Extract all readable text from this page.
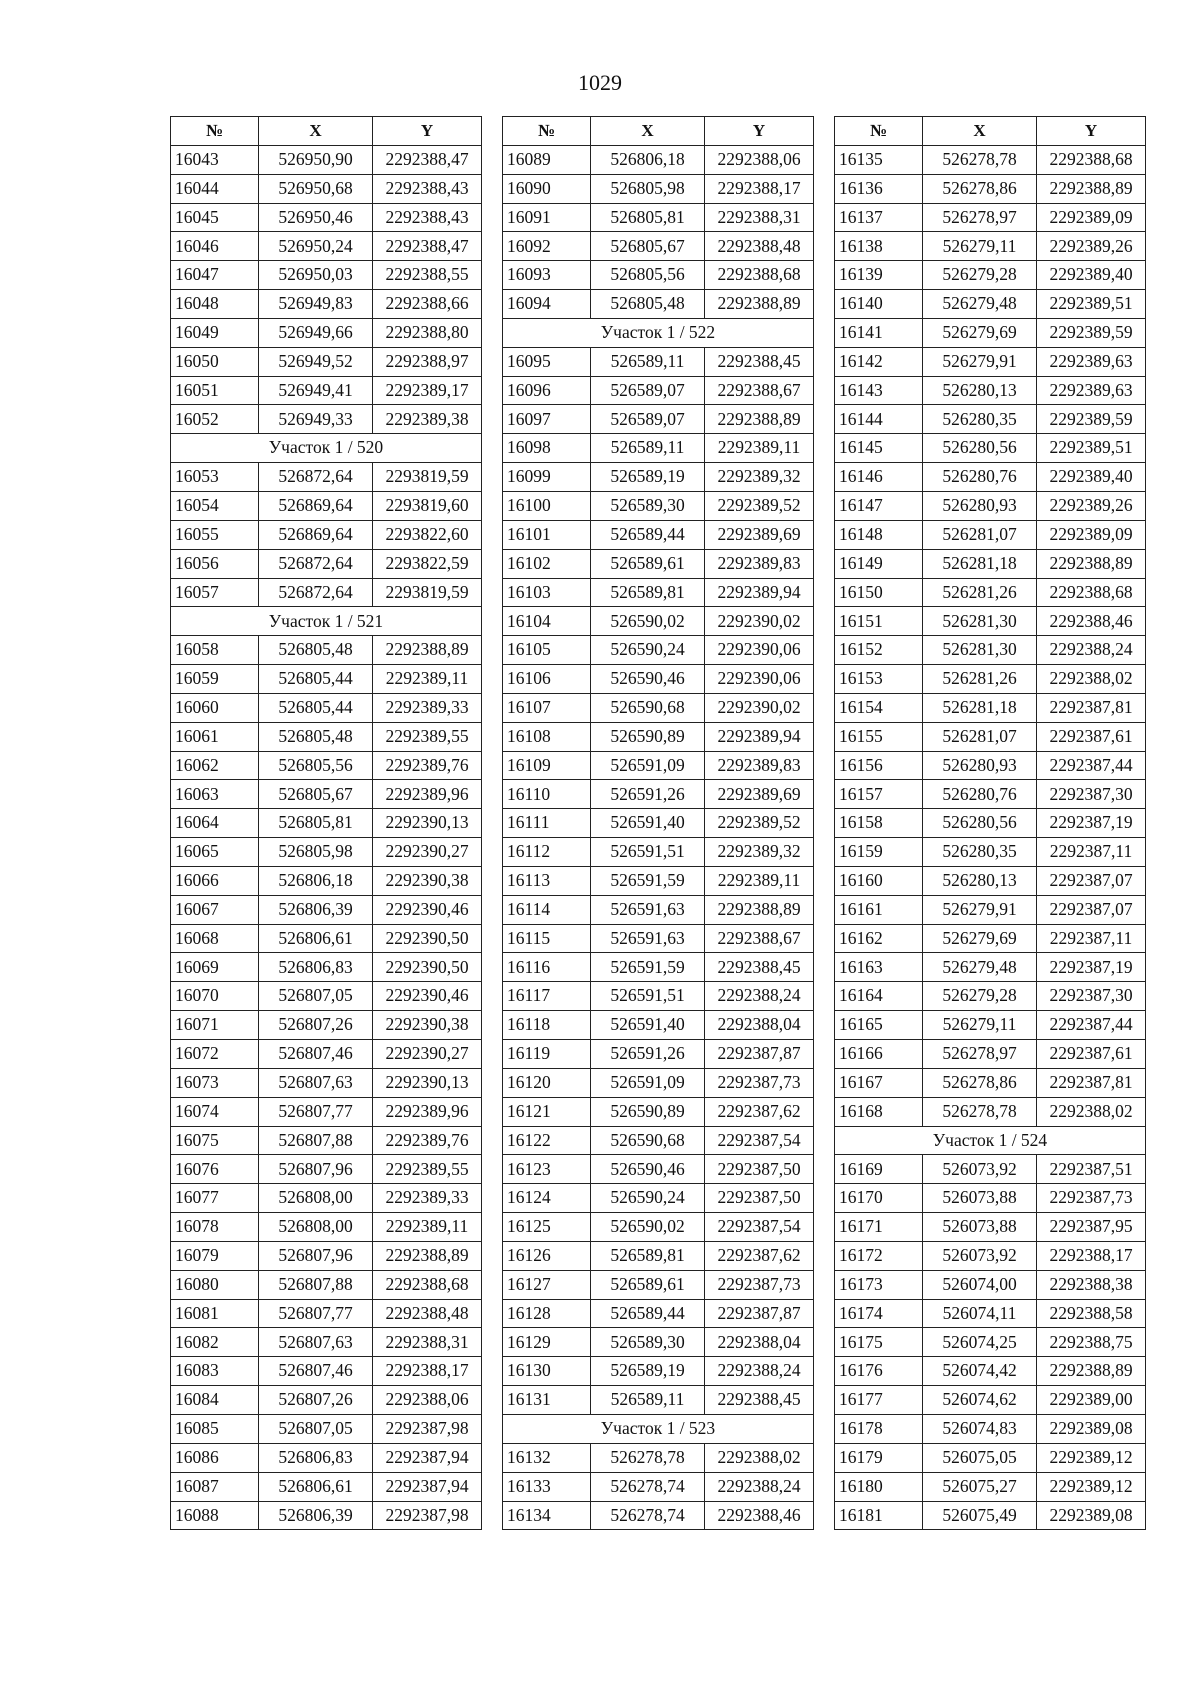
1029
№	X	Y
16043	526950,90	2292388,47
16044	526950,68	2292388,43
16045	526950,46	2292388,43
16046	526950,24	2292388,47
16047	526950,03	2292388,55
16048	526949,83	2292388,66
16049	526949,66	2292388,80
16050	526949,52	2292388,97
16051	526949,41	2292389,17
16052	526949,33	2292389,38
Участок 1 / 520		
16053	526872,64	2293819,59
16054	526869,64	2293819,60
16055	526869,64	2293822,60
16056	526872,64	2293822,59
16057	526872,64	2293819,59
Участок 1 / 521		
16058	526805,48	2292388,89
16059	526805,44	2292389,11
16060	526805,44	2292389,33
16061	526805,48	2292389,55
16062	526805,56	2292389,76
16063	526805,67	2292389,96
16064	526805,81	2292390,13
16065	526805,98	2292390,27
16066	526806,18	2292390,38
16067	526806,39	2292390,46
16068	526806,61	2292390,50
16069	526806,83	2292390,50
16070	526807,05	2292390,46
16071	526807,26	2292390,38
16072	526807,46	2292390,27
16073	526807,63	2292390,13
16074	526807,77	2292389,96
16075	526807,88	2292389,76
16076	526807,96	2292389,55
16077	526808,00	2292389,33
16078	526808,00	2292389,11
16079	526807,96	2292388,89
16080	526807,88	2292388,68
16081	526807,77	2292388,48
16082	526807,63	2292388,31
16083	526807,46	2292388,17
16084	526807,26	2292388,06
16085	526807,05	2292387,98
16086	526806,83	2292387,94
16087	526806,61	2292387,94
16088	526806,39	2292387,98
№	X	Y
16089	526806,18	2292388,06
16090	526805,98	2292388,17
16091	526805,81	2292388,31
16092	526805,67	2292388,48
16093	526805,56	2292388,68
16094	526805,48	2292388,89
Участок 1 / 522		
16095	526589,11	2292388,45
16096	526589,07	2292388,67
16097	526589,07	2292388,89
16098	526589,11	2292389,11
16099	526589,19	2292389,32
16100	526589,30	2292389,52
16101	526589,44	2292389,69
16102	526589,61	2292389,83
16103	526589,81	2292389,94
16104	526590,02	2292390,02
16105	526590,24	2292390,06
16106	526590,46	2292390,06
16107	526590,68	2292390,02
16108	526590,89	2292389,94
16109	526591,09	2292389,83
16110	526591,26	2292389,69
16111	526591,40	2292389,52
16112	526591,51	2292389,32
16113	526591,59	2292389,11
16114	526591,63	2292388,89
16115	526591,63	2292388,67
16116	526591,59	2292388,45
16117	526591,51	2292388,24
16118	526591,40	2292388,04
16119	526591,26	2292387,87
16120	526591,09	2292387,73
16121	526590,89	2292387,62
16122	526590,68	2292387,54
16123	526590,46	2292387,50
16124	526590,24	2292387,50
16125	526590,02	2292387,54
16126	526589,81	2292387,62
16127	526589,61	2292387,73
16128	526589,44	2292387,87
16129	526589,30	2292388,04
16130	526589,19	2292388,24
16131	526589,11	2292388,45
Участок 1 / 523		
16132	526278,78	2292388,02
16133	526278,74	2292388,24
16134	526278,74	2292388,46
№	X	Y
16135	526278,78	2292388,68
16136	526278,86	2292388,89
16137	526278,97	2292389,09
16138	526279,11	2292389,26
16139	526279,28	2292389,40
16140	526279,48	2292389,51
16141	526279,69	2292389,59
16142	526279,91	2292389,63
16143	526280,13	2292389,63
16144	526280,35	2292389,59
16145	526280,56	2292389,51
16146	526280,76	2292389,40
16147	526280,93	2292389,26
16148	526281,07	2292389,09
16149	526281,18	2292388,89
16150	526281,26	2292388,68
16151	526281,30	2292388,46
16152	526281,30	2292388,24
16153	526281,26	2292388,02
16154	526281,18	2292387,81
16155	526281,07	2292387,61
16156	526280,93	2292387,44
16157	526280,76	2292387,30
16158	526280,56	2292387,19
16159	526280,35	2292387,11
16160	526280,13	2292387,07
16161	526279,91	2292387,07
16162	526279,69	2292387,11
16163	526279,48	2292387,19
16164	526279,28	2292387,30
16165	526279,11	2292387,44
16166	526278,97	2292387,61
16167	526278,86	2292387,81
16168	526278,78	2292388,02
Участок 1 / 524		
16169	526073,92	2292387,51
16170	526073,88	2292387,73
16171	526073,88	2292387,95
16172	526073,92	2292388,17
16173	526074,00	2292388,38
16174	526074,11	2292388,58
16175	526074,25	2292388,75
16176	526074,42	2292388,89
16177	526074,62	2292389,00
16178	526074,83	2292389,08
16179	526075,05	2292389,12
16180	526075,27	2292389,12
16181	526075,49	2292389,08
